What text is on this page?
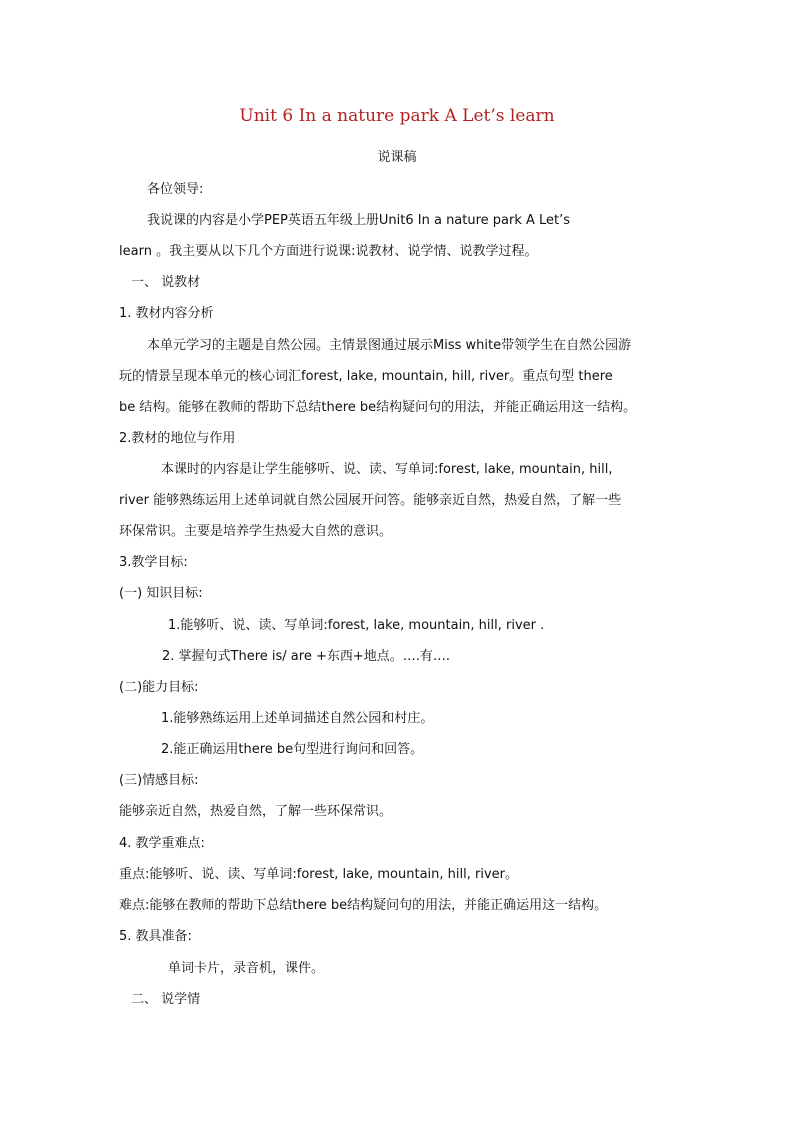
Unit 6 In a nature park A Let’s learn
说课稿
各位领导:
我说课的内容是小学PEP英语五年级上册Unit6 In a nature park A Let’s
learn 。我主要从以下几个方面进行说课:说教材、说学情、说教学过程。
一、 说教材
1. 教材内容分析
本单元学习的主题是自然公园。主情景图通过展示Miss white带领学生在自然公园游
玩的情景呈现本单元的核心词汇forest, lake, mountain, hill, river。重点句型 there
be 结构。能够在教师的帮助下总结there be结构疑问句的用法，并能正确运用这一结构。
2.教材的地位与作用
本课时的内容是让学生能够听、说、读、写单词:forest, lake, mountain, hill,
river 能够熟练运用上述单词就自然公园展开问答。能够亲近自然，热爱自然，了解一些
环保常识。主要是培养学生热爱大自然的意识。
3.教学目标:
(一) 知识目标:
1.能够听、说、读、写单词:forest, lake, mountain, hill, river .
2. 掌握句式There is/ are +东西+地点。….有….
(二)能力目标:
1.能够熟练运用上述单词描述自然公园和村庄。
2.能正确运用there be句型进行询问和回答。
(三)情感目标:
能够亲近自然，热爱自然，了解一些环保常识。
4. 教学重难点:
重点:能够听、说、读、写单词:forest, lake, mountain, hill, river。
难点:能够在教师的帮助下总结there be结构疑问句的用法，并能正确运用这一结构。
5. 教具准备:
单词卡片，录音机，课件。
二、 说学情
